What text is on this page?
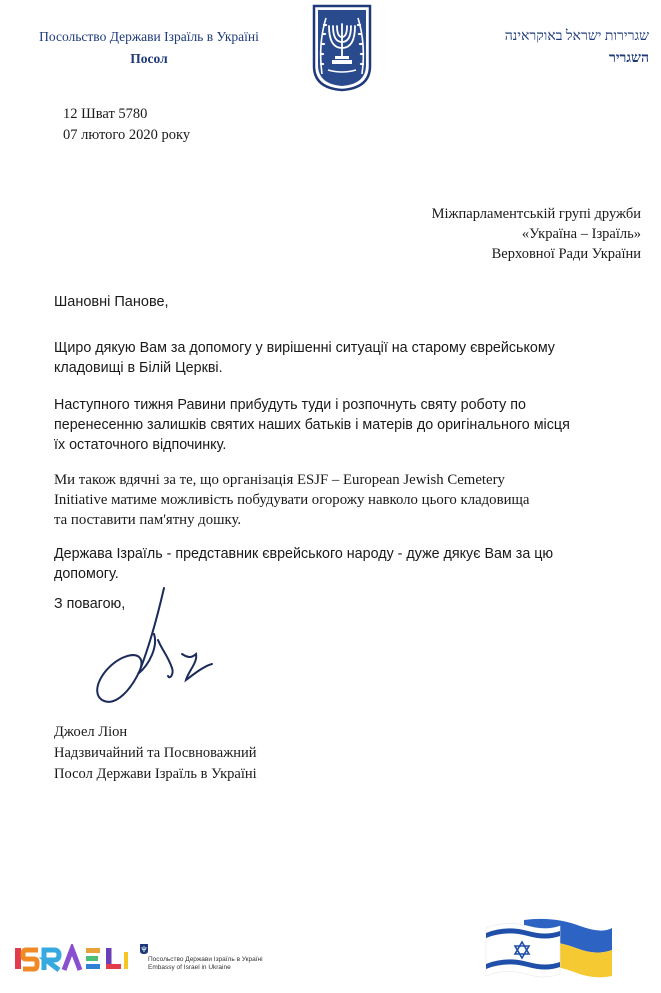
Посольство Держави Ізраїль в Україні
Посол
שגרירות ישראל באוקראינה
השגריר
12 Шват 5780
07 лютого 2020 року
Міжпарламентській групі дружби
«Україна – Ізраїль»
Верховної Ради України
Шановні Панове,
Щиро дякую Вам за допомогу у вирішенні ситуації на старому єврейському
кладовищі в Білій Церкві.
Наступного тижня Равини прибудуть туди і розпочнуть святу роботу по
перенесенню залишків святих наших батьків і матерів до оригінального місця
їх остаточного відпочинку.
Ми також вдячні за те, що організація ESJF – European Jewish Cemetery
Initiative матиме можливість побудувати огорожу навколо цього кладовища
та поставити пам'ятну дошку.
Держава Ізраїль - представник єврейського народу - дуже дякує Вам за цю
допомогу.
З повагою,
Джоел Ліон
Надзвичайний та Посвноважний
Посол Держави Ізраїль в Україні
ISRAEL
Посольство Держави Ізраїль в Україні
Embassy of Israel in Ukraine
